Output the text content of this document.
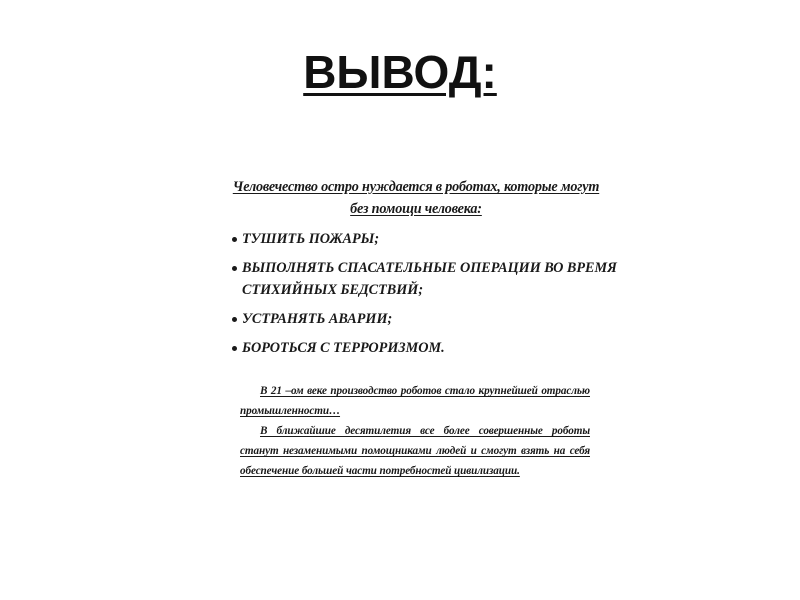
ВЫВОД:

Человечество остро нуждается в роботах, которые могут
без помощи человека:

ТУШИТЬ ПОЖАРЫ;
ВЫПОЛНЯТЬ СПАСАТЕЛЬНЫЕ ОПЕРАЦИИ ВО ВРЕМЯ СТИХИЙНЫХ БЕДСТВИЙ;
УСТРАНЯТЬ АВАРИИ;
БОРОТЬСЯ С ТЕРРОРИЗМОМ.

В 21 –ом веке производство роботов стало крупнейшей отраслью промышленности…

В ближайшие десятилетия все более совершенные роботы станут незаменимыми помощниками людей и смогут взять на себя обеспечение большей части потребностей цивилизации.
